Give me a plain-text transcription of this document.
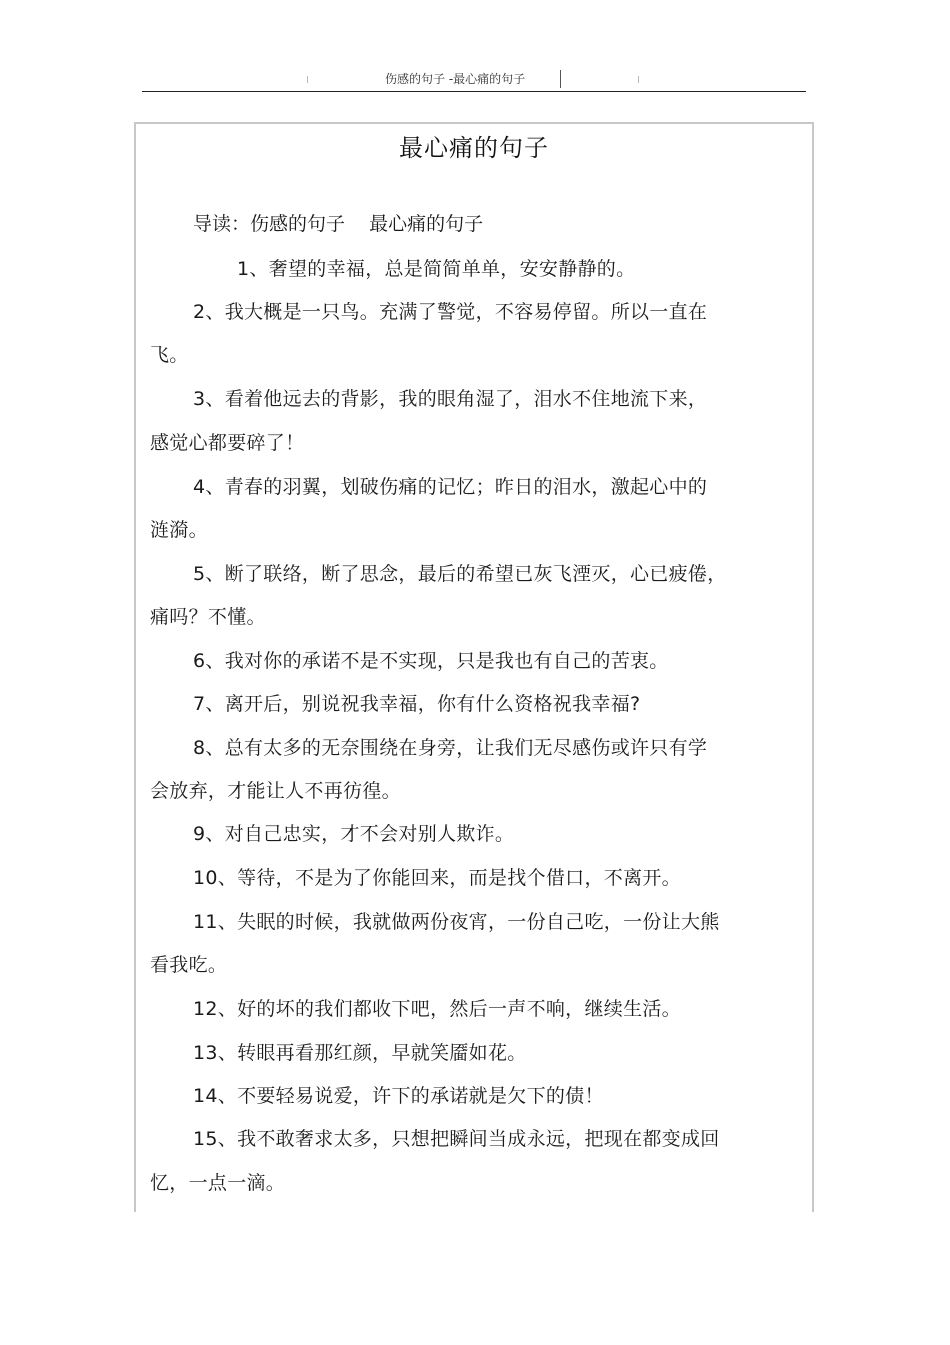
伤感的句子 -最心痛的句子
最心痛的句子
导读：伤感的句子    最心痛的句子
1、奢望的幸福，总是简简单单，安安静静的。
2、我大概是一只鸟。充满了警觉，不容易停留。所以一直在
飞。
3、看着他远去的背影，我的眼角湿了，泪水不住地流下来，
感觉心都要碎了！
4、青春的羽翼，划破伤痛的记忆；昨日的泪水，激起心中的
涟漪。
5、断了联络，断了思念，最后的希望已灰飞湮灭，心已疲倦，
痛吗？不懂。
6、我对你的承诺不是不实现，只是我也有自己的苦衷。
7、离开后，别说祝我幸福，你有什么资格祝我幸福?
8、总有太多的无奈围绕在身旁，让我们无尽感伤或许只有学
会放弃，才能让人不再彷徨。
9、对自己忠实，才不会对别人欺诈。
10、等待，不是为了你能回来，而是找个借口，不离开。
11、失眠的时候，我就做两份夜宵，一份自己吃，一份让大熊
看我吃。
12、好的坏的我们都收下吧，然后一声不响，继续生活。
13、转眼再看那红颜，早就笑靥如花。
14、不要轻易说爱，许下的承诺就是欠下的债！
15、我不敢奢求太多，只想把瞬间当成永远，把现在都变成回
忆，一点一滴。
